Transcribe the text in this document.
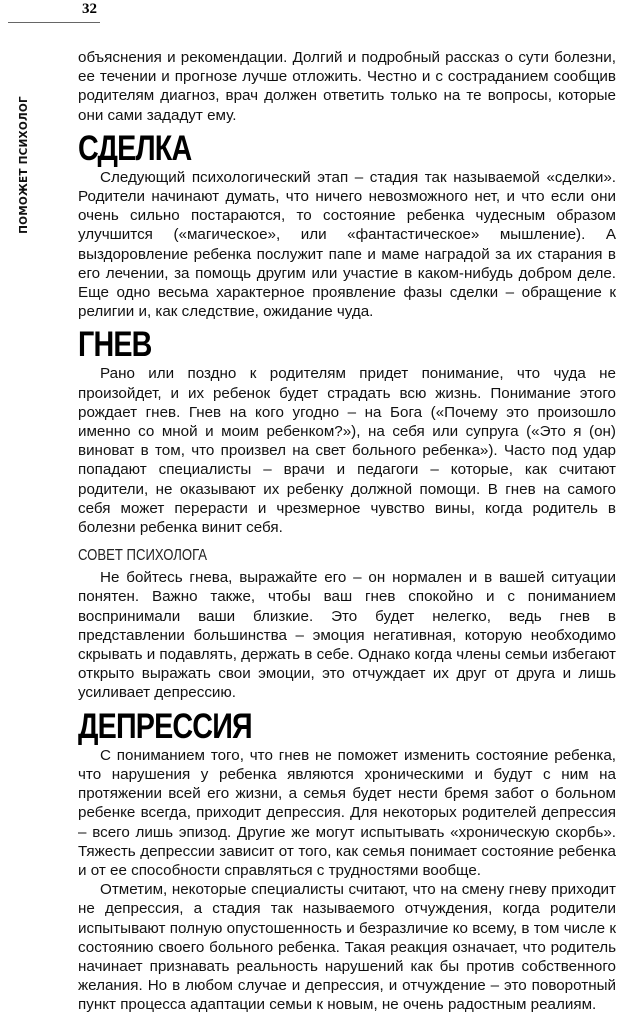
32
ПОМОЖЕТ ПСИХОЛОГ

объяснения и рекомендации. Долгий и подробный рассказ о сути болезни, ее течении и прогнозе лучше отложить. Честно и с состраданием сообщив родителям диагноз, врач должен ответить только на те вопросы, которые они сами зададут ему.

СДЕЛКА

Следующий психологический этап – стадия так называемой «сделки». Родители начинают думать, что ничего невозможного нет, и что если они очень сильно постараются, то состояние ребенка чудесным образом улучшится («магическое», или «фантастическое» мышление). А выздоровление ребенка послужит папе и маме наградой за их старания в его лечении, за помощь другим или участие в каком-нибудь добром деле. Еще одно весьма характерное проявление фазы сделки – обращение к религии и, как следствие, ожидание чуда.

ГНЕВ

Рано или поздно к родителям придет понимание, что чуда не произойдет, и их ребенок будет страдать всю жизнь. Понимание этого рождает гнев. Гнев на кого угодно – на Бога («Почему это произошло именно со мной и моим ребенком?»), на себя или супруга («Это я (он) виноват в том, что произвел на свет больного ребенка»). Часто под удар попадают специалисты – врачи и педагоги – которые, как считают родители, не оказывают их ребенку должной помощи. В гнев на самого себя может перерасти и чрезмерное чувство вины, когда родитель в болезни ребенка винит себя.

СОВЕТ ПСИХОЛОГА

Не бойтесь гнева, выражайте его – он нормален и в вашей ситуации понятен. Важно также, чтобы ваш гнев спокойно и с пониманием воспринимали ваши близкие. Это будет нелегко, ведь гнев в представлении большинства – эмоция негативная, которую необходимо скрывать и подавлять, держать в себе. Однако когда члены семьи избегают открыто выражать свои эмоции, это отчуждает их друг от друга и лишь усиливает депрессию.

ДЕПРЕССИЯ

С пониманием того, что гнев не поможет изменить состояние ребенка, что нарушения у ребенка являются хроническими и будут с ним на протяжении всей его жизни, а семья будет нести бремя забот о больном ребенке всегда, приходит депрессия. Для некоторых родителей депрессия – всего лишь эпизод. Другие же могут испытывать «хроническую скорбь». Тяжесть депрессии зависит от того, как семья понимает состояние ребенка и от ее способности справляться с трудностями вообще.

Отметим, некоторые специалисты считают, что на смену гневу приходит не депрессия, а стадия так называемого отчуждения, когда родители испытывают полную опустошенность и безразличие ко всему, в том числе к состоянию своего больного ребенка. Такая реакция означает, что родитель начинает признавать реальность нарушений как бы против собственного желания. Но в любом случае и депрессия, и отчуждение – это поворотный пункт процесса адаптации семьи к новым, не очень радостным реалиям.
